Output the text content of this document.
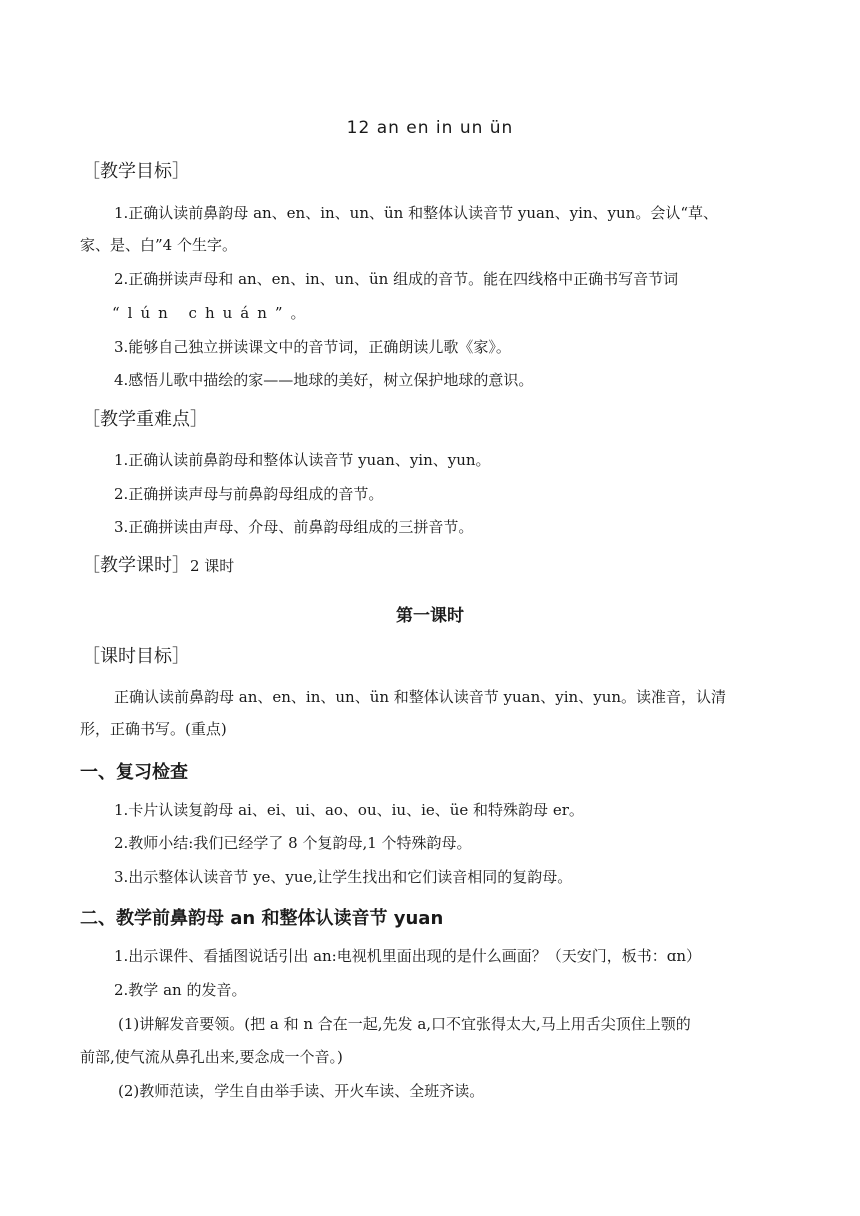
12 an en in un ün
［教学目标］
1.正确认读前鼻韵母 an、en、in、un、ün 和整体认读音节 yuan、yin、yun。会认“草、
家、是、白”4 个生字。
2.正确拼读声母和 an、en、in、un、ün 组成的音节。能在四线格中正确书写音节词
“lún chuán”。
3.能够自己独立拼读课文中的音节词，正确朗读儿歌《家》。
4.感悟儿歌中描绘的家——地球的美好，树立保护地球的意识。
［教学重难点］
1.正确认读前鼻韵母和整体认读音节 yuan、yin、yun。
2.正确拼读声母与前鼻韵母组成的音节。
3.正确拼读由声母、介母、前鼻韵母组成的三拼音节。
［教学课时］2 课时
第一课时
［课时目标］
正确认读前鼻韵母 an、en、in、un、ün 和整体认读音节 yuan、yin、yun。读准音，认清
形，正确书写。(重点)
一、复习检查
1.卡片认读复韵母 ai、ei、ui、ao、ou、iu、ie、üe 和特殊韵母 er。
2.教师小结:我们已经学了 8 个复韵母,1 个特殊韵母。
3.出示整体认读音节 ye、yue,让学生找出和它们读音相同的复韵母。
二、教学前鼻韵母 an 和整体认读音节 yuan
1.出示课件、看插图说话引出 an:电视机里面出现的是什么画面？（天安门，板书：ɑn）
2.教学 an 的发音。
(1)讲解发音要领。(把 a 和 n 合在一起,先发 a,口不宜张得太大,马上用舌尖顶住上颚的
前部,使气流从鼻孔出来,要念成一个音。)
(2)教师范读，学生自由举手读、开火车读、全班齐读。
